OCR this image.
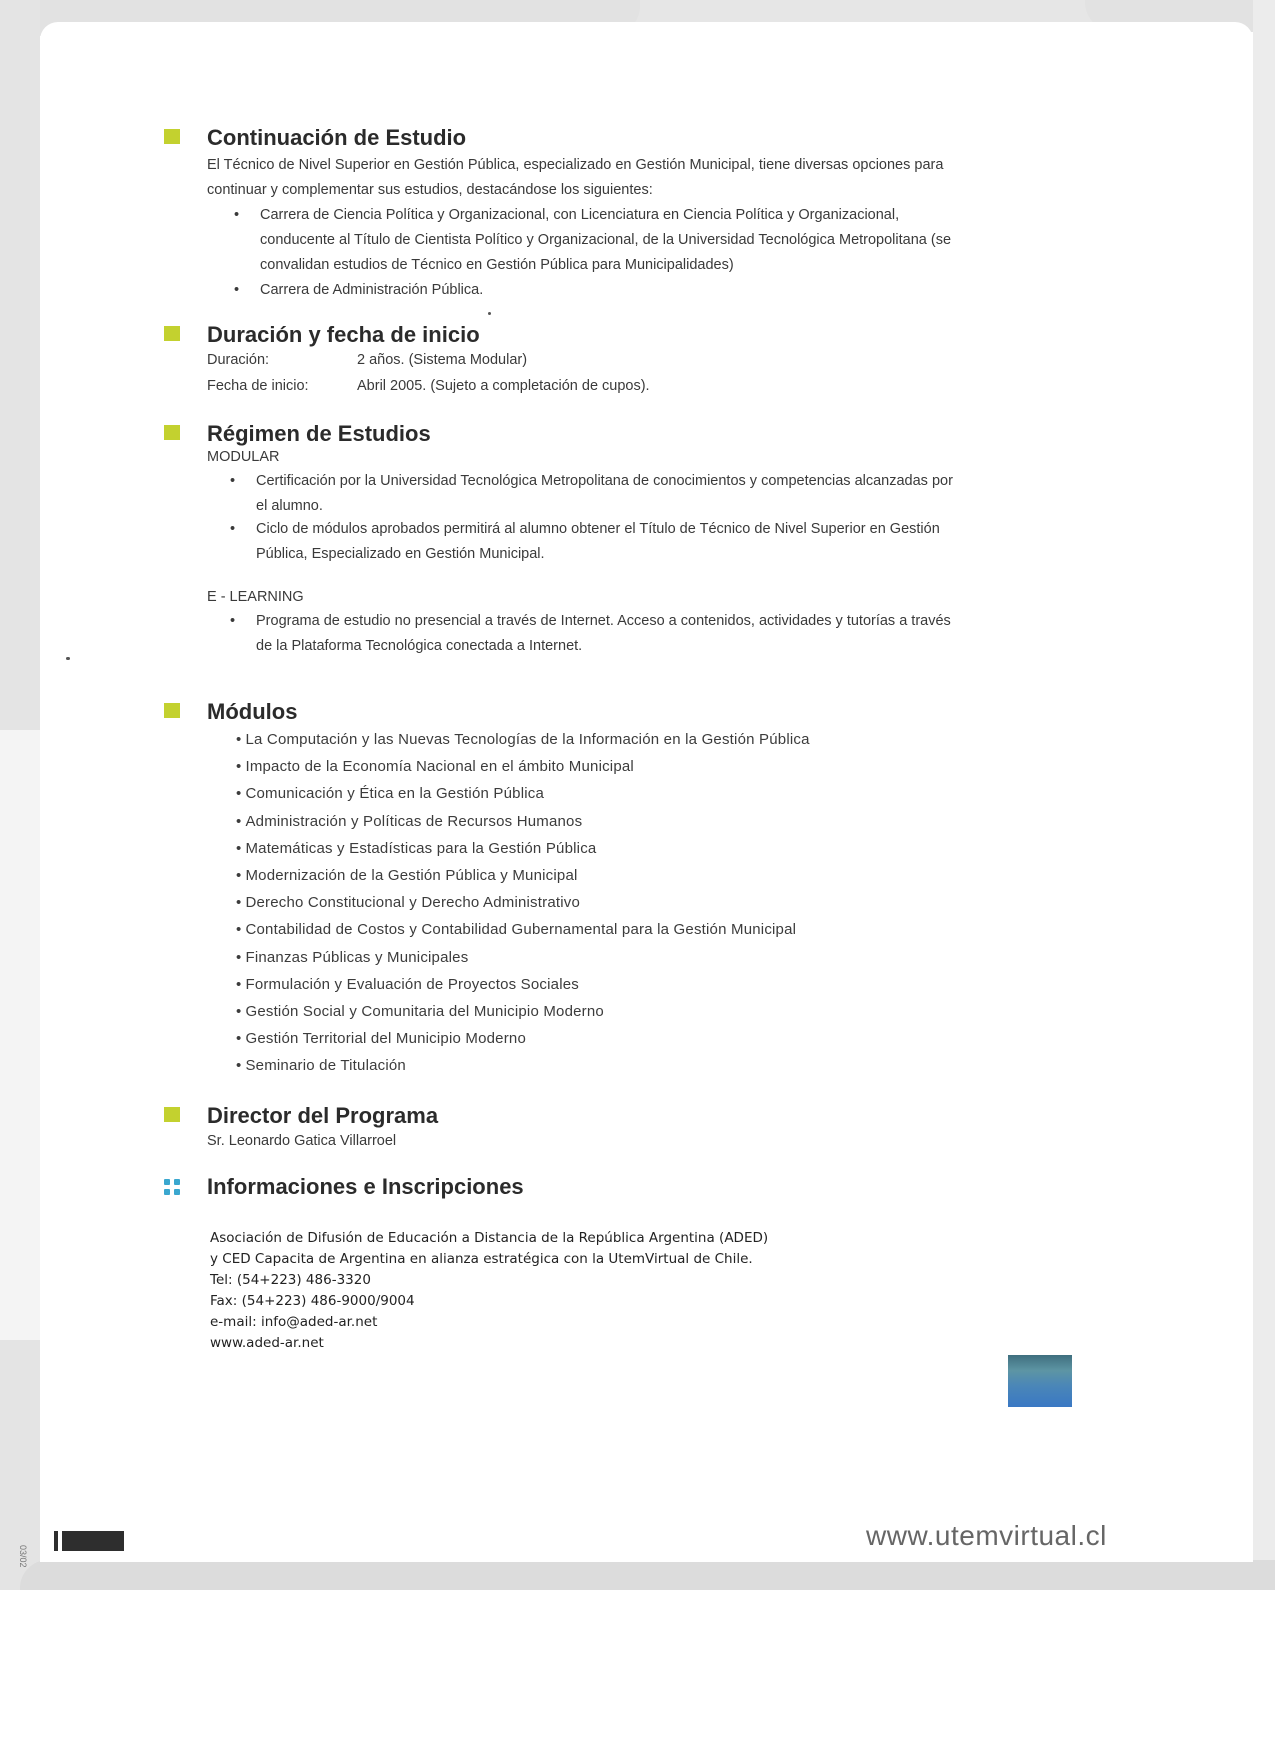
Continuación de Estudio

El Técnico de Nivel Superior en Gestión Pública, especializado en Gestión Municipal, tiene diversas opciones para continuar y complementar sus estudios, destacándose los siguientes:

• Carrera de Ciencia Política y Organizacional, con Licenciatura en Ciencia Política y Organizacional, conducente al Título de Cientista Político y Organizacional, de la Universidad Tecnológica Metropolitana (se convalidan estudios de Técnico en Gestión Pública para Municipalidades)
• Carrera de Administración Pública.
Duración y fecha de inicio
Duración:	2 años. (Sistema Modular)
Fecha de inicio:	Abril 2005. (Sujeto a completación de cupos).
Régimen de Estudios

MODULAR

• Certificación por la Universidad Tecnológica Metropolitana de conocimientos y competencias alcanzadas por el alumno.
• Ciclo de módulos aprobados permitirá al alumno obtener el Título de Técnico de Nivel Superior en Gestión Pública, Especializado en Gestión Municipal.

E - LEARNING

• Programa de estudio no presencial a través de Internet. Acceso a contenidos, actividades y tutorías a través de la Plataforma Tecnológica conectada a Internet.
Módulos
• La Computación y las Nuevas Tecnologías de la Información en la Gestión Pública
• Impacto de la Economía Nacional en el ámbito Municipal
• Comunicación y Ética en la Gestión Pública
• Administración y Políticas de Recursos Humanos
• Matemáticas y Estadísticas para la Gestión Pública
• Modernización de la Gestión Pública y Municipal
• Derecho Constitucional y Derecho Administrativo
• Contabilidad de Costos y Contabilidad Gubernamental para la Gestión Municipal
• Finanzas Públicas y Municipales
• Formulación y Evaluación de Proyectos Sociales
• Gestión Social y Comunitaria del Municipio Moderno
• Gestión Territorial del Municipio Moderno
• Seminario de Titulación
Director del Programa

Sr. Leonardo Gatica Villarroel

Informaciones e Inscripciones
Asociación de Difusión de Educación a Distancia de la República Argentina (ADED)
y CED Capacita de Argentina en alianza estratégica con la UtemVirtual de Chile.
Tel: (54+223) 486-3320
Fax: (54+223) 486-9000/9004
e-mail: info@aded-ar.net
www.aded-ar.net
03/02
www.utemvirtual.cl
